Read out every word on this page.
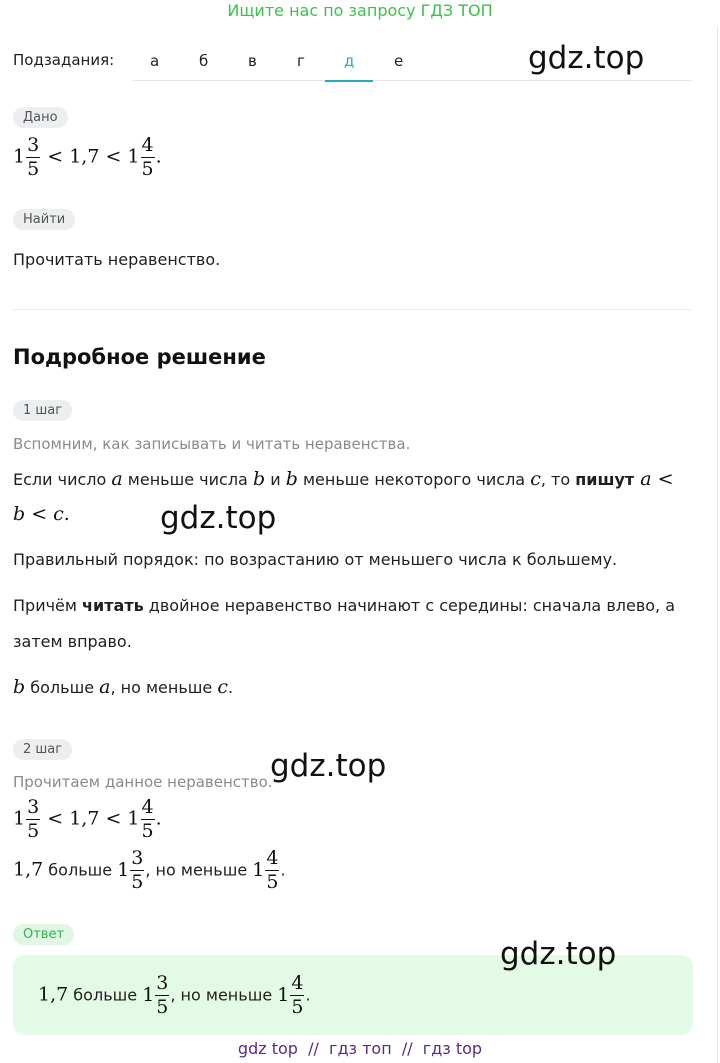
Ищите нас по запросу ГДЗ ТОП
Подзадания: а	б	в	г	д	е	gdz.top
Дано
$1 \frac{3}{5} < 1,7 < 1 \frac{4}{5}$ .
Найти
Прочитать неравенство.
Подробное решение
1 шаг
Вспомним, как записывать и читать неравенства.
Если число a меньше числа b и b меньше некоторого числа c, то пишут a <
b < c.	gdz.top
Правильный порядок: по возрастанию от меньшего числа к большему.
Причём читать двойное неравенство начинают с середины: сначала влево, а
затем вправо.
b больше a, но меньше c.
2 шаг	gdz.top
Прочитаем данное неравенство.
$1 \frac{3}{5} < 1,7 < 1 \frac{4}{5}$ .
1,7 больше $1 \frac{3}{5}$ , но меньше $1 \frac{4}{5}$ .
Ответ
gdz.top
1,7 больше $1 \frac{3}{5}$ , но меньше $1 \frac{4}{5}$ .
gdz top  //  гдз топ  //  гдз top
